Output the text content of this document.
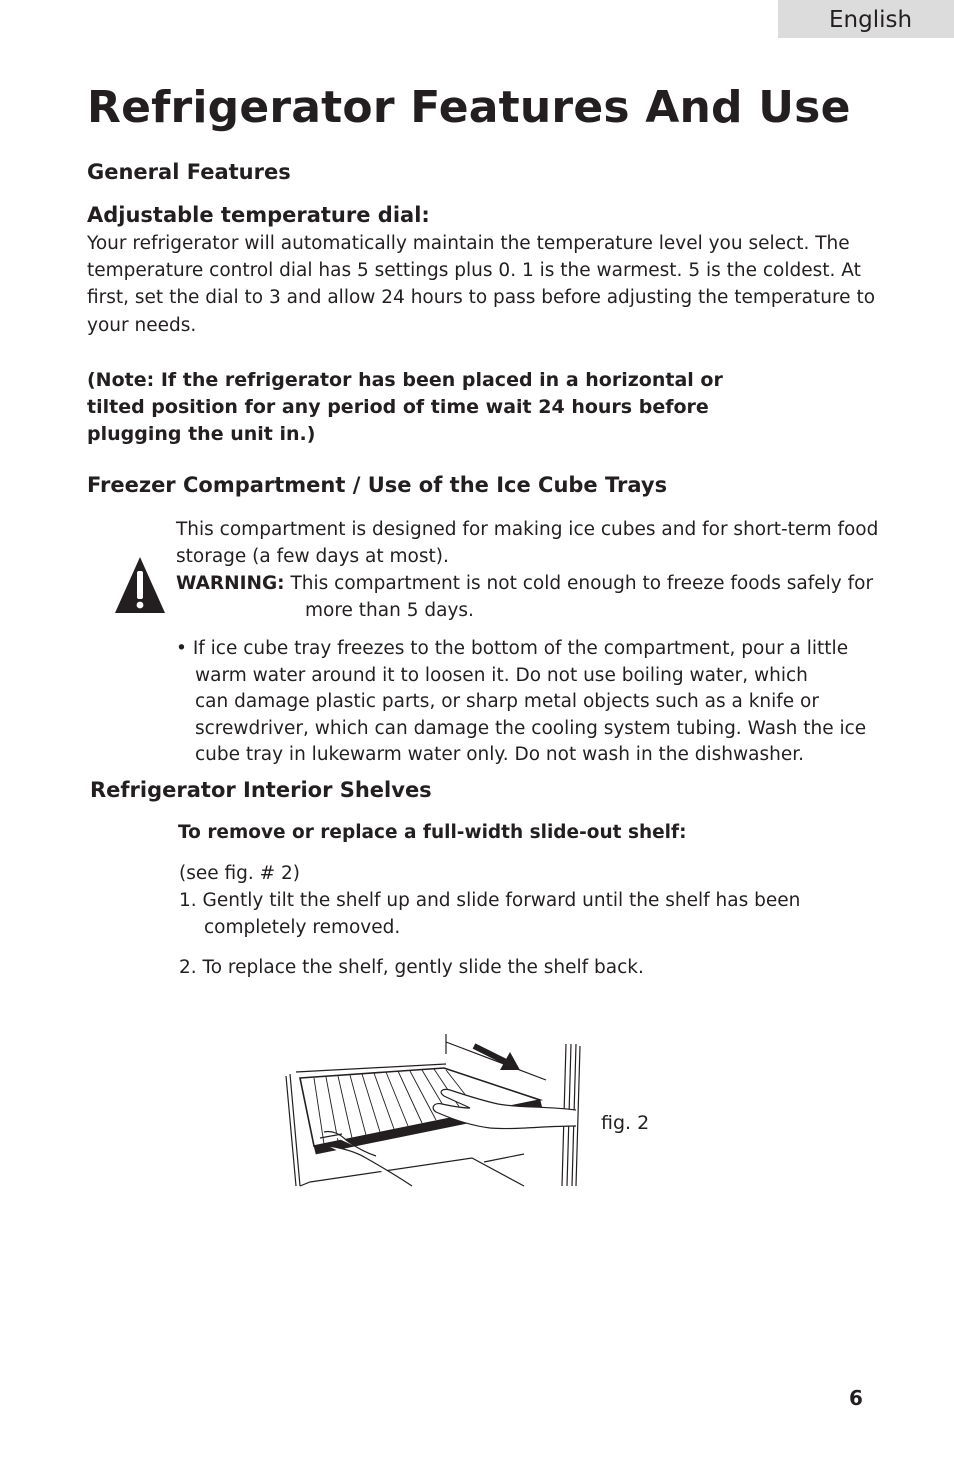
English
Refrigerator Features And Use
General Features
Adjustable temperature dial:
Your refrigerator will automatically maintain the temperature level you select. The
temperature control dial has 5 settings plus 0. 1 is the warmest. 5 is the coldest. At
first, set the dial to 3 and allow 24 hours to pass before adjusting the temperature to
your needs.
(Note: If the refrigerator has been placed in a horizontal or
tilted position for any period of time wait 24 hours before
plugging the unit in.)
Freezer Compartment / Use of the Ice Cube Trays
This compartment is designed for making ice cubes and for short-term food
storage (a few days at most).
WARNING: This compartment is not cold enough to freeze foods safely for
more than 5 days.
• If ice cube tray freezes to the bottom of the compartment, pour a little
warm water around it to loosen it. Do not use boiling water, which
can damage plastic parts, or sharp metal objects such as a knife or
screwdriver, which can damage the cooling system tubing. Wash the ice
cube tray in lukewarm water only. Do not wash in the dishwasher.
Refrigerator Interior Shelves
To remove or replace a full-width slide-out shelf:
(see fig. # 2)
1. Gently tilt the shelf up and slide forward until the shelf has been
completely removed.
2. To replace the shelf, gently slide the shelf back.
fig. 2
6
